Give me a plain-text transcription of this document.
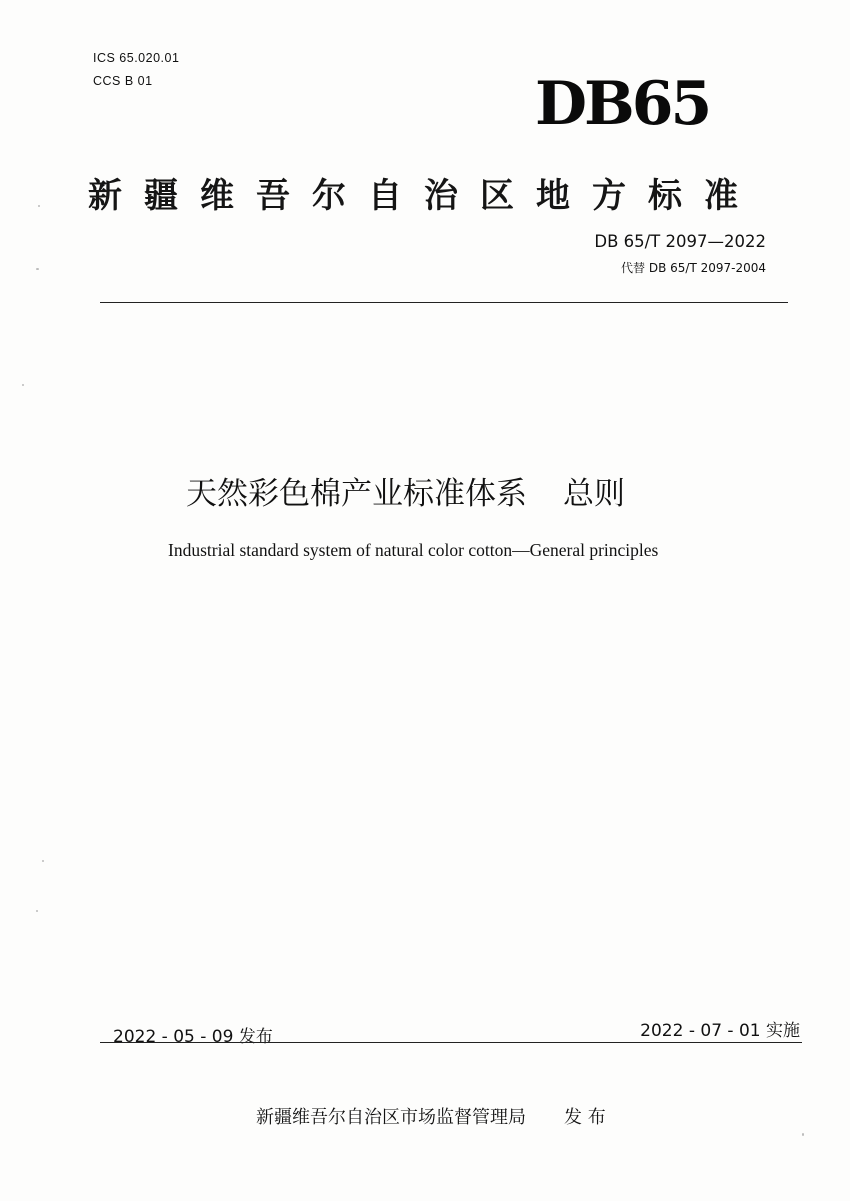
ICS 65.020.01
CCS B 01	DB65
新疆维吾尔自治区地方标准
DB 65/T 2097—2022
代替 DB 65/T 2097-2004
天然彩色棉产业标准体系 总则
Industrial standard system of natural color cotton—General principles
2022 - 05 - 09 发布	2022 - 07 - 01 实施
新疆维吾尔自治区市场监督管理局 发 布
